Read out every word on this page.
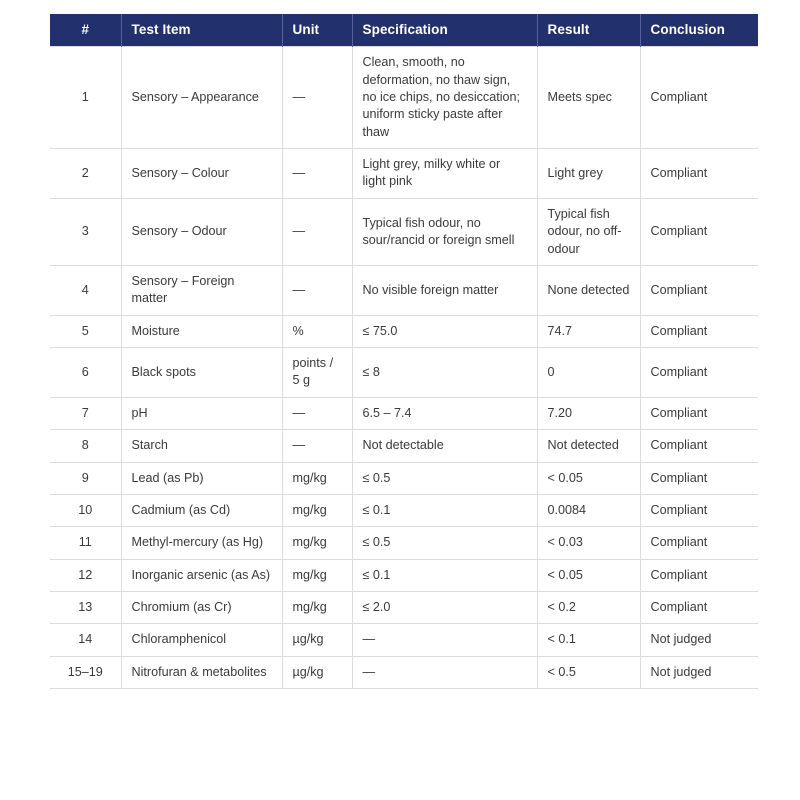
#	Test Item	Unit	Specification	Result	Conclusion
1	Sensory – Appearance	—	Clean, smooth, no deformation, no thaw sign, no ice chips, no desiccation; uniform sticky paste after thaw	Meets spec	Compliant
2	Sensory – Colour	—	Light grey, milky white or light pink	Light grey	Compliant
3	Sensory – Odour	—	Typical fish odour, no sour/rancid or foreign smell	Typical fish odour, no off-odour	Compliant
4	Sensory – Foreign matter	—	No visible foreign matter	None detected	Compliant
5	Moisture	%	≤ 75.0	74.7	Compliant
6	Black spots	points / 5 g	≤ 8	0	Compliant
7	pH	—	6.5 – 7.4	7.20	Compliant
8	Starch	—	Not detectable	Not detected	Compliant
9	Lead (as Pb)	mg/kg	≤ 0.5	< 0.05	Compliant
10	Cadmium (as Cd)	mg/kg	≤ 0.1	0.0084	Compliant
11	Methyl-mercury (as Hg)	mg/kg	≤ 0.5	< 0.03	Compliant
12	Inorganic arsenic (as As)	mg/kg	≤ 0.1	< 0.05	Compliant
13	Chromium (as Cr)	mg/kg	≤ 2.0	< 0.2	Compliant
14	Chloramphenicol	µg/kg	—	< 0.1	Not judged
15–19	Nitrofuran & metabolites	µg/kg	—	< 0.5	Not judged
